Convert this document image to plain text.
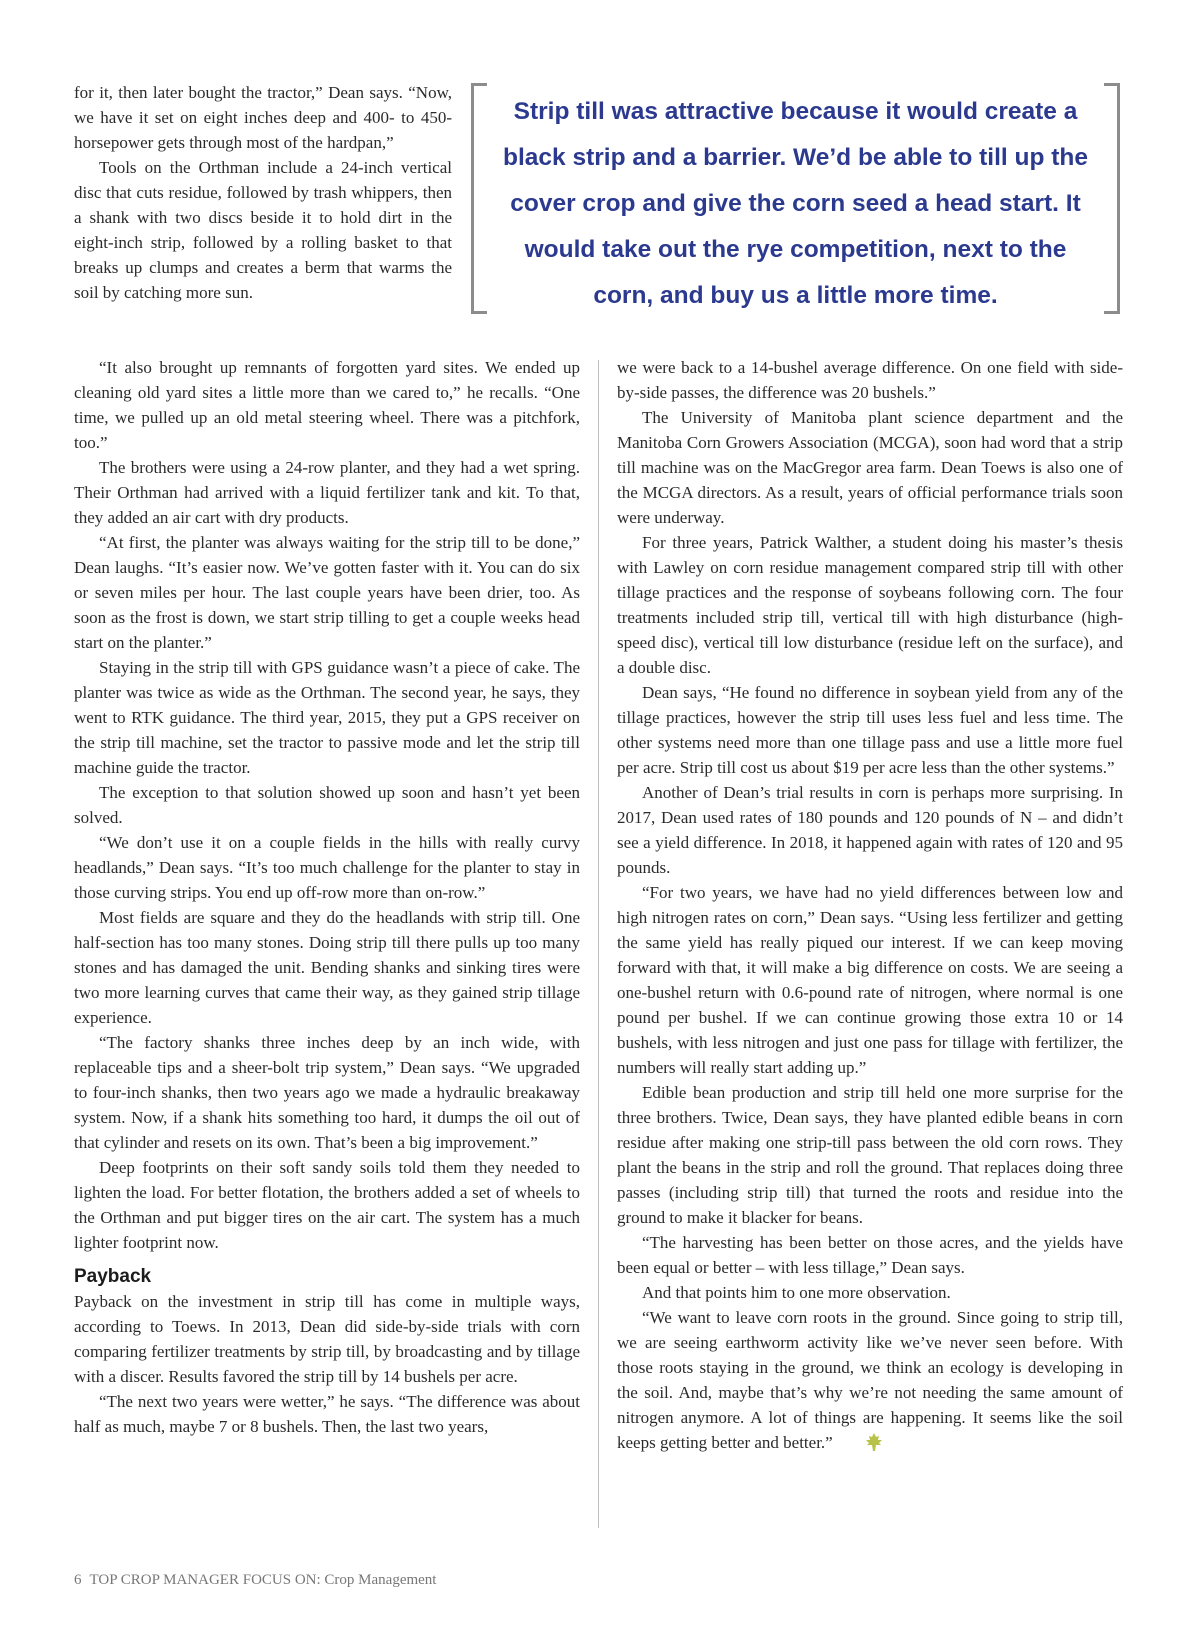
Strip till was attractive because it would create a black strip and a barrier. We’d be able to till up the cover crop and give the corn seed a head start. It would take out the rye competition, next to the corn, and buy us a little more time.

for it, then later bought the tractor,” Dean says. “Now, we have it set on eight inches deep and 400- to 450-horsepower gets through most of the hardpan,”

Tools on the Orthman include a 24-inch vertical disc that cuts residue, followed by trash whippers, then a shank with two discs beside it to hold dirt in the eight-inch strip, followed by a rolling basket to that breaks up clumps and creates a berm that warms the soil by catching more sun.

“It also brought up remnants of forgotten yard sites. We ended up cleaning old yard sites a little more than we cared to,” he recalls. “One time, we pulled up an old metal steering wheel. There was a pitchfork, too.”

The brothers were using a 24-row planter, and they had a wet spring. Their Orthman had arrived with a liquid fertilizer tank and kit. To that, they added an air cart with dry products.

“At first, the planter was always waiting for the strip till to be done,” Dean laughs. “It’s easier now. We’ve gotten faster with it. You can do six or seven miles per hour. The last couple years have been drier, too. As soon as the frost is down, we start strip tilling to get a couple weeks head start on the planter.”

Staying in the strip till with GPS guidance wasn’t a piece of cake. The planter was twice as wide as the Orthman. The second year, he says, they went to RTK guidance. The third year, 2015, they put a GPS receiver on the strip till machine, set the tractor to passive mode and let the strip till machine guide the tractor.

The exception to that solution showed up soon and hasn’t yet been solved.

“We don’t use it on a couple fields in the hills with really curvy headlands,” Dean says. “It’s too much challenge for the planter to stay in those curving strips. You end up off-row more than on-row.”

Most fields are square and they do the headlands with strip till. One half-section has too many stones. Doing strip till there pulls up too many stones and has damaged the unit. Bending shanks and sinking tires were two more learning curves that came their way, as they gained strip tillage experience.

“The factory shanks three inches deep by an inch wide, with replaceable tips and a sheer-bolt trip system,” Dean says. “We upgraded to four-inch shanks, then two years ago we made a hydraulic breakaway system. Now, if a shank hits something too hard, it dumps the oil out of that cylinder and resets on its own. That’s been a big improvement.”

Deep footprints on their soft sandy soils told them they needed to lighten the load. For better flotation, the brothers added a set of wheels to the Orthman and put bigger tires on the air cart. The system has a much lighter footprint now.

Payback

Payback on the investment in strip till has come in multiple ways, according to Toews. In 2013, Dean did side-by-side trials with corn comparing fertilizer treatments by strip till, by broadcasting and by tillage with a discer. Results favored the strip till by 14 bushels per acre.

“The next two years were wetter,” he says. “The difference was about half as much, maybe 7 or 8 bushels. Then, the last two years,

we were back to a 14-bushel average difference. On one field with side-by-side passes, the difference was 20 bushels.”

The University of Manitoba plant science department and the Manitoba Corn Growers Association (MCGA), soon had word that a strip till machine was on the MacGregor area farm. Dean Toews is also one of the MCGA directors. As a result, years of official performance trials soon were underway.

For three years, Patrick Walther, a student doing his master’s thesis with Lawley on corn residue management compared strip till with other tillage practices and the response of soybeans following corn. The four treatments included strip till, vertical till with high disturbance (high-speed disc), vertical till low disturbance (residue left on the surface), and a double disc.

Dean says, “He found no difference in soybean yield from any of the tillage practices, however the strip till uses less fuel and less time. The other systems need more than one tillage pass and use a little more fuel per acre. Strip till cost us about $19 per acre less than the other systems.”

Another of Dean’s trial results in corn is perhaps more surprising. In 2017, Dean used rates of 180 pounds and 120 pounds of N – and didn’t see a yield difference. In 2018, it happened again with rates of 120 and 95 pounds.

“For two years, we have had no yield differences between low and high nitrogen rates on corn,” Dean says. “Using less fertilizer and getting the same yield has really piqued our interest. If we can keep moving forward with that, it will make a big difference on costs. We are seeing a one-bushel return with 0.6-pound rate of nitrogen, where normal is one pound per bushel. If we can continue growing those extra 10 or 14 bushels, with less nitrogen and just one pass for tillage with fertilizer, the numbers will really start adding up.”

Edible bean production and strip till held one more surprise for the three brothers. Twice, Dean says, they have planted edible beans in corn residue after making one strip-till pass between the old corn rows. They plant the beans in the strip and roll the ground. That replaces doing three passes (including strip till) that turned the roots and residue into the ground to make it blacker for beans.

“The harvesting has been better on those acres, and the yields have been equal or better – with less tillage,” Dean says.

And that points him to one more observation.

“We want to leave corn roots in the ground. Since going to strip till, we are seeing earthworm activity like we’ve never seen before. With those roots staying in the ground, we think an ecology is developing in the soil. And, maybe that’s why we’re not needing the same amount of nitrogen anymore. A lot of things are happening. It seems like the soil keeps getting better and better.”

6 TOP CROP MANAGER FOCUS ON: Crop Management
